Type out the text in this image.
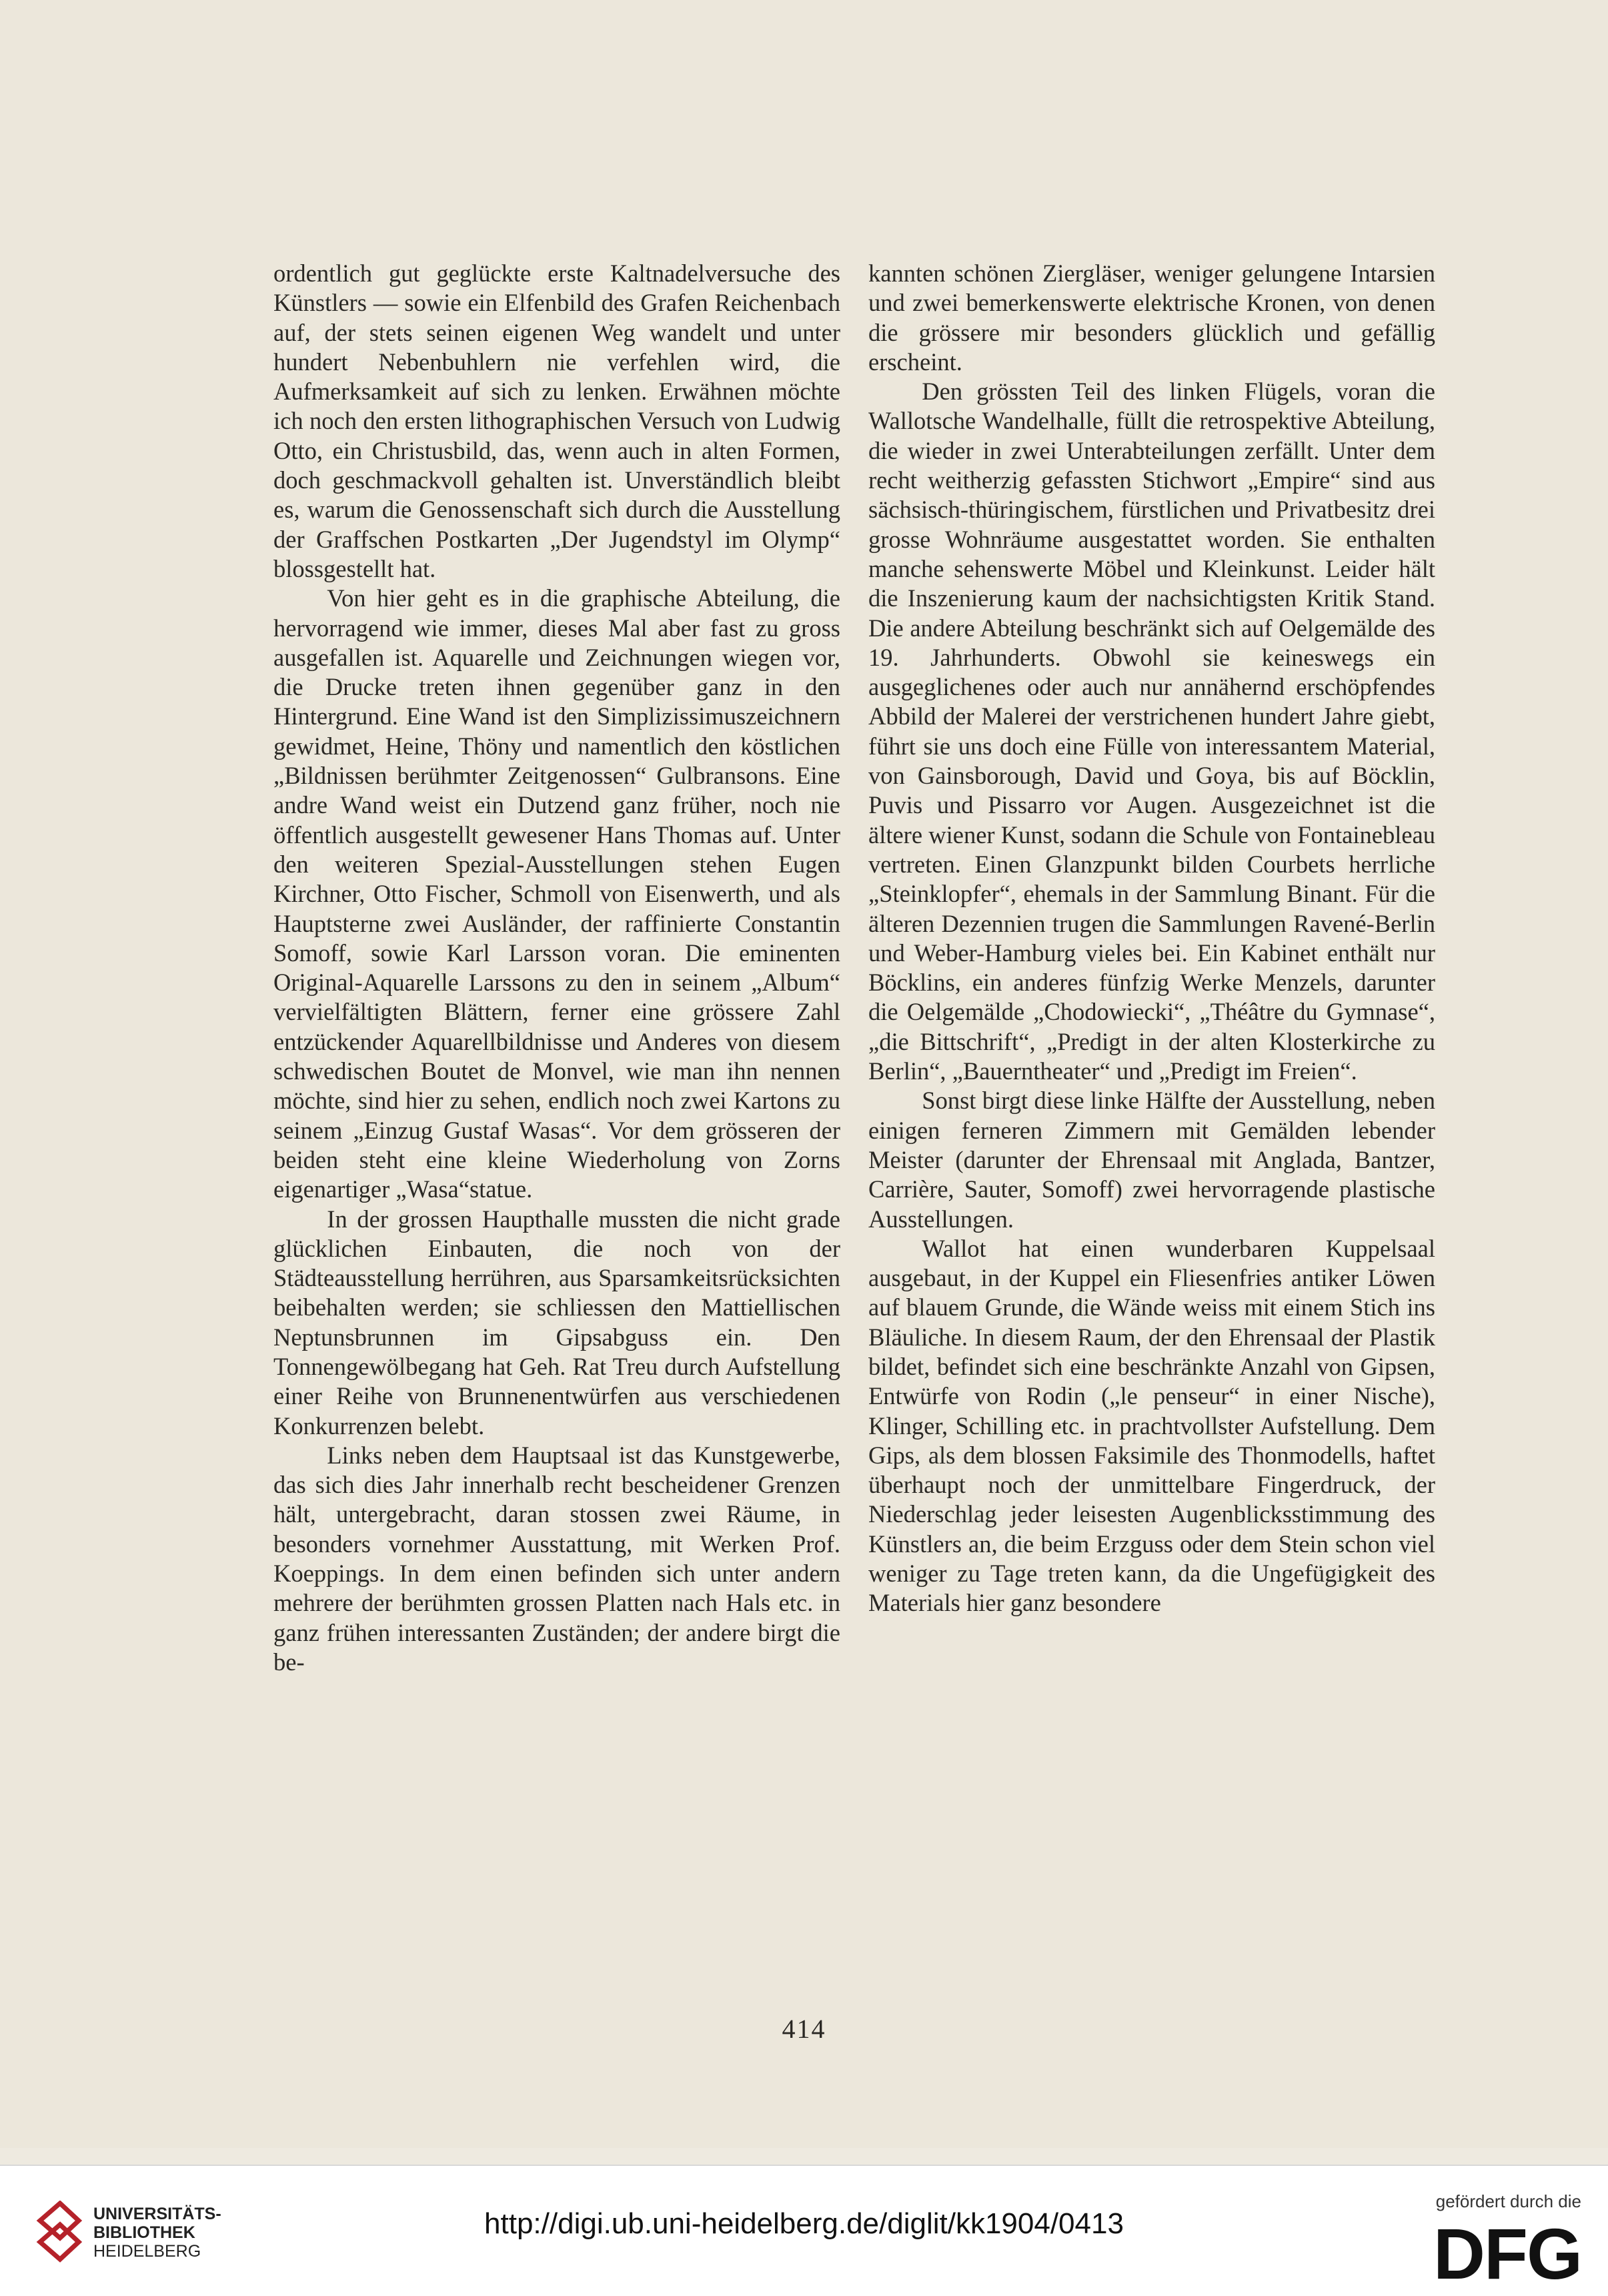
ordentlich gut geglückte erste Kaltnadelversuche des Künstlers — sowie ein Elfenbild des Grafen Reichenbach auf, der stets seinen eigenen Weg wandelt und unter hundert Nebenbuhlern nie verfehlen wird, die Aufmerksamkeit auf sich zu lenken. Erwähnen möchte ich noch den ersten lithographischen Versuch von Ludwig Otto, ein Christusbild, das, wenn auch in alten Formen, doch geschmackvoll gehalten ist. Unverständlich bleibt es, warum die Genossenschaft sich durch die Ausstellung der Graffschen Postkarten „Der Jugendstyl im Olymp“ blossgestellt hat.

Von hier geht es in die graphische Abteilung, die hervorragend wie immer, dieses Mal aber fast zu gross ausgefallen ist. Aquarelle und Zeichnungen wiegen vor, die Drucke treten ihnen gegenüber ganz in den Hintergrund. Eine Wand ist den Simplizissimuszeichnern gewidmet, Heine, Thöny und namentlich den köstlichen „Bildnissen berühmter Zeitgenossen“ Gulbransons. Eine andre Wand weist ein Dutzend ganz früher, noch nie öffentlich ausgestellt gewesener Hans Thomas auf. Unter den weiteren Spezial-Ausstellungen stehen Eugen Kirchner, Otto Fischer, Schmoll von Eisenwerth, und als Hauptsterne zwei Ausländer, der raffinierte Constantin Somoff, sowie Karl Larsson voran. Die eminenten Original-Aquarelle Larssons zu den in seinem „Album“ vervielfältigten Blättern, ferner eine grössere Zahl entzückender Aquarellbildnisse und Anderes von diesem schwedischen Boutet de Monvel, wie man ihn nennen möchte, sind hier zu sehen, endlich noch zwei Kartons zu seinem „Einzug Gustaf Wasas“. Vor dem grösseren der beiden steht eine kleine Wiederholung von Zorns eigenartiger „Wasa“statue.

In der grossen Haupthalle mussten die nicht grade glücklichen Einbauten, die noch von der Städteausstellung herrühren, aus Sparsamkeitsrücksichten beibehalten werden; sie schliessen den Mattiellischen Neptunsbrunnen im Gipsabguss ein. Den Tonnengewölbegang hat Geh. Rat Treu durch Aufstellung einer Reihe von Brunnenentwürfen aus verschiedenen Konkurrenzen belebt.

Links neben dem Hauptsaal ist das Kunstgewerbe, das sich dies Jahr innerhalb recht bescheidener Grenzen hält, untergebracht, daran stossen zwei Räume, in besonders vornehmer Ausstattung, mit Werken Prof. Koeppings. In dem einen befinden sich unter andern mehrere der berühmten grossen Platten nach Hals etc. in ganz frühen interessanten Zuständen; der andere birgt die be-

kannten schönen Ziergläser, weniger gelungene Intarsien und zwei bemerkenswerte elektrische Kronen, von denen die grössere mir besonders glücklich und gefällig erscheint.

Den grössten Teil des linken Flügels, voran die Wallotsche Wandelhalle, füllt die retrospektive Abteilung, die wieder in zwei Unterabteilungen zerfällt. Unter dem recht weitherzig gefassten Stichwort „Empire“ sind aus sächsisch-thüringischem, fürstlichen und Privatbesitz drei grosse Wohnräume ausgestattet worden. Sie enthalten manche sehenswerte Möbel und Kleinkunst. Leider hält die Inszenierung kaum der nachsichtigsten Kritik Stand. Die andere Abteilung beschränkt sich auf Oelgemälde des 19. Jahrhunderts. Obwohl sie keineswegs ein ausgeglichenes oder auch nur annähernd erschöpfendes Abbild der Malerei der verstrichenen hundert Jahre giebt, führt sie uns doch eine Fülle von interessantem Material, von Gainsborough, David und Goya, bis auf Böcklin, Puvis und Pissarro vor Augen. Ausgezeichnet ist die ältere wiener Kunst, sodann die Schule von Fontainebleau vertreten. Einen Glanzpunkt bilden Courbets herrliche „Steinklopfer“, ehemals in der Sammlung Binant. Für die älteren Dezennien trugen die Sammlungen Ravené-Berlin und Weber-Hamburg vieles bei. Ein Kabinet enthält nur Böcklins, ein anderes fünfzig Werke Menzels, darunter die Oelgemälde „Chodowiecki“, „Théâtre du Gymnase“, „die Bittschrift“, „Predigt in der alten Klosterkirche zu Berlin“, „Bauerntheater“ und „Predigt im Freien“.

Sonst birgt diese linke Hälfte der Ausstellung, neben einigen ferneren Zimmern mit Gemälden lebender Meister (darunter der Ehrensaal mit Anglada, Bantzer, Carrière, Sauter, Somoff) zwei hervorragende plastische Ausstellungen.

Wallot hat einen wunderbaren Kuppelsaal ausgebaut, in der Kuppel ein Fliesenfries antiker Löwen auf blauem Grunde, die Wände weiss mit einem Stich ins Bläuliche. In diesem Raum, der den Ehrensaal der Plastik bildet, befindet sich eine beschränkte Anzahl von Gipsen, Entwürfe von Rodin („le penseur“ in einer Nische), Klinger, Schilling etc. in prachtvollster Aufstellung. Dem Gips, als dem blossen Faksimile des Thonmodells, haftet überhaupt noch der unmittelbare Fingerdruck, der Niederschlag jeder leisesten Augenblicksstimmung des Künstlers an, die beim Erzguss oder dem Stein schon viel weniger zu Tage treten kann, da die Ungefügigkeit des Materials hier ganz besondere

414
UNIVERSITÄTS-
BIBLIOTHEK
HEIDELBERG
http://digi.ub.uni-heidelberg.de/diglit/kk1904/0413
gefördert durch die
DFG
